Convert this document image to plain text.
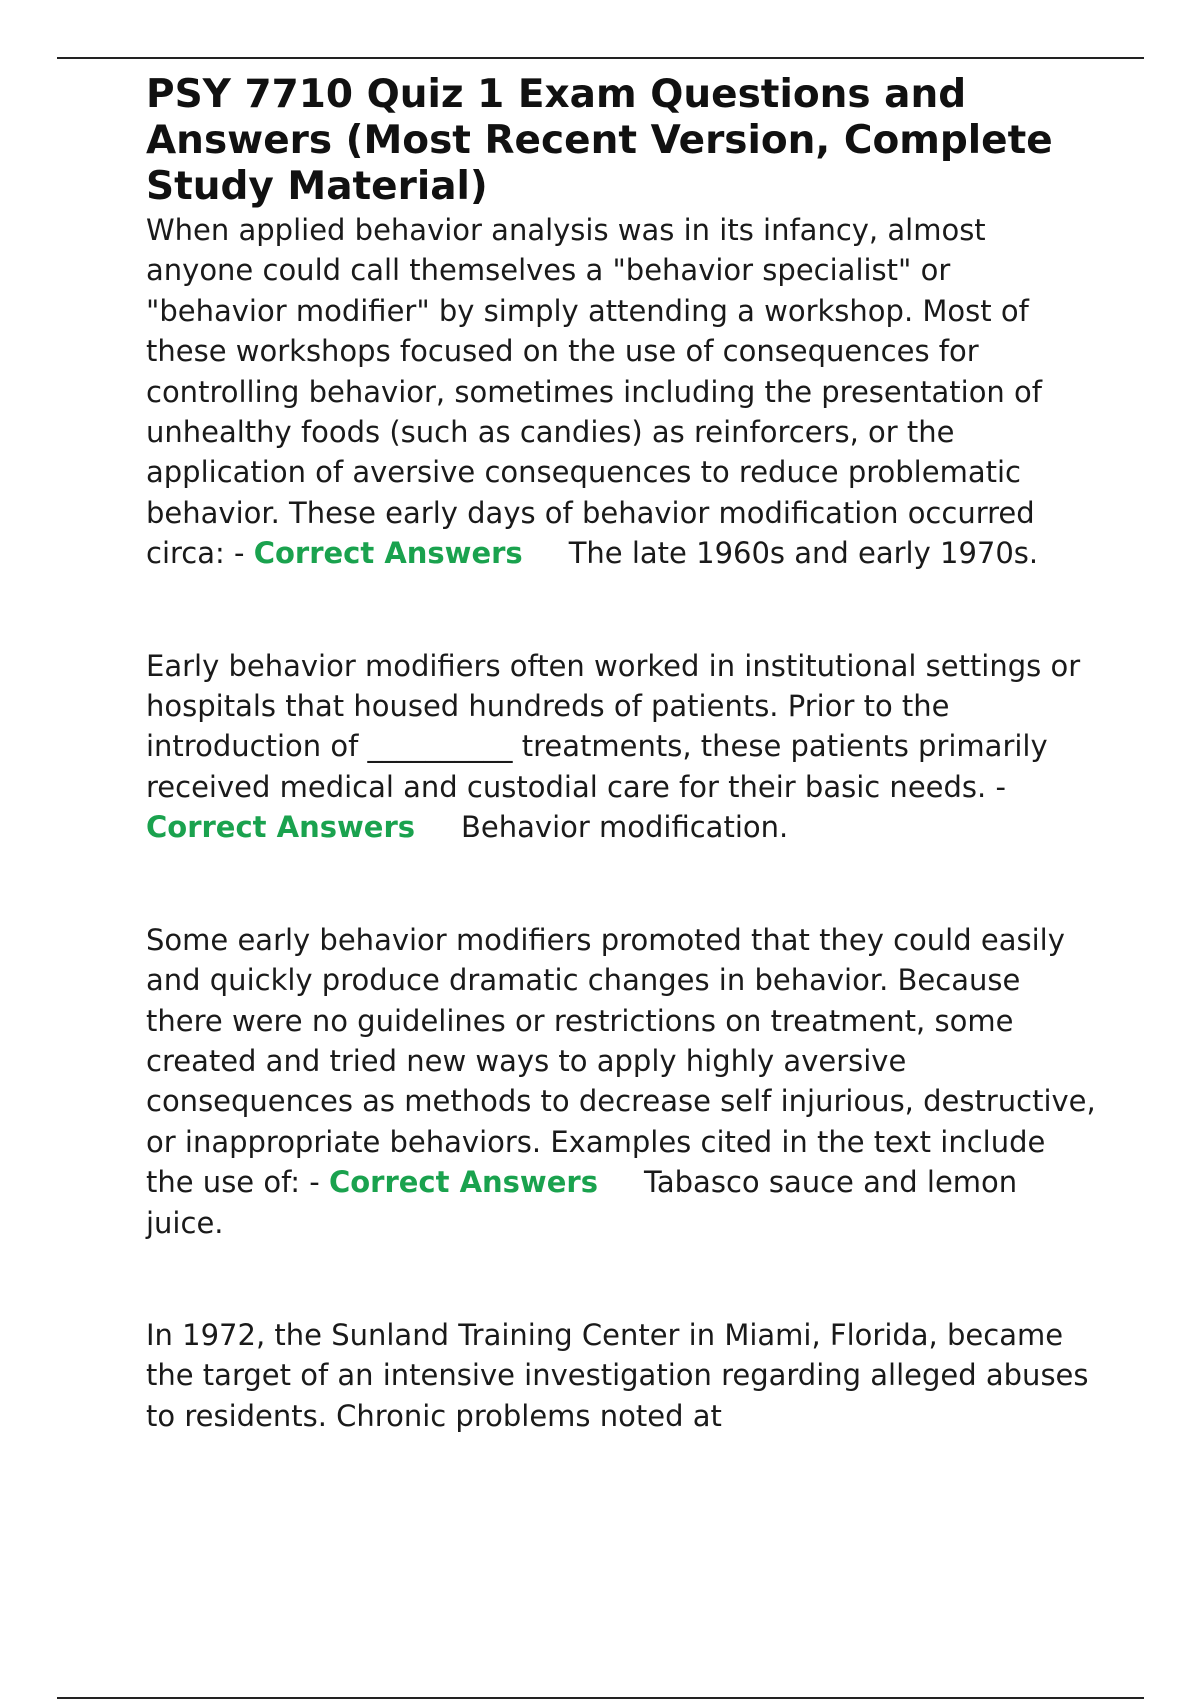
PSY 7710 Quiz 1 Exam Questions and Answers (Most Recent Version, Complete Study Material)

When applied behavior analysis was in its infancy, almost anyone could call themselves a "behavior specialist" or "behavior modifier" by simply attending a workshop. Most of these workshops focused on the use of consequences for controlling behavior, sometimes including the presentation of unhealthy foods (such as candies) as reinforcers, or the application of aversive consequences to reduce problematic behavior. These early days of behavior modification occurred circa: - Correct Answers The late 1960s and early 1970s.

Early behavior modifiers often worked in institutional settings or hospitals that housed hundreds of patients. Prior to the introduction of __________ treatments, these patients primarily received medical and custodial care for their basic needs. - Correct Answers Behavior modification.

Some early behavior modifiers promoted that they could easily and quickly produce dramatic changes in behavior. Because there were no guidelines or restrictions on treatment, some created and tried new ways to apply highly aversive consequences as methods to decrease self injurious, destructive, or inappropriate behaviors. Examples cited in the text include the use of: - Correct Answers Tabasco sauce and lemon juice.

In 1972, the Sunland Training Center in Miami, Florida, became the target of an intensive investigation regarding alleged abuses to residents. Chronic problems noted at
